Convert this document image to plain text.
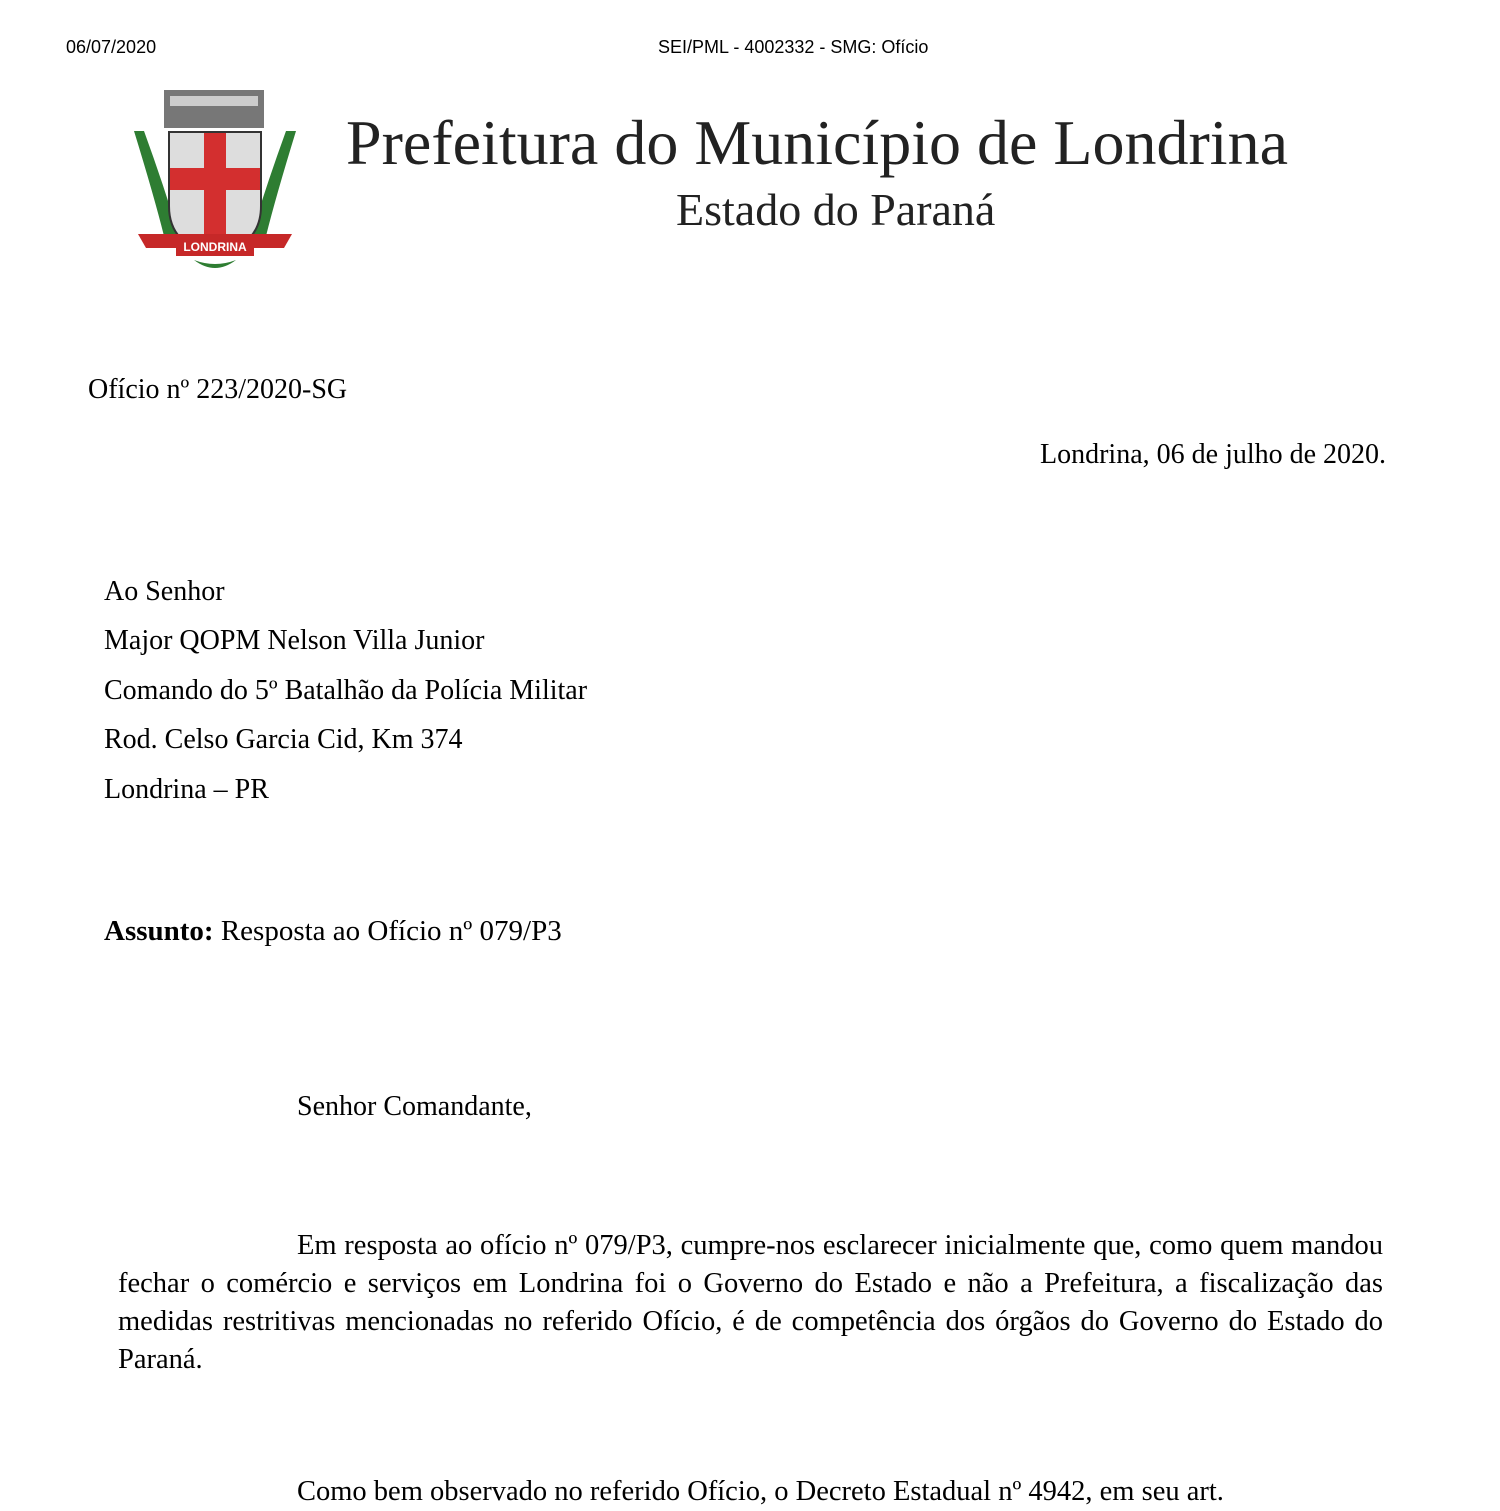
06/07/2020	SEI/PML - 4002332 - SMG: Ofício
LONDRINA
Prefeitura do Município de Londrina
Estado do Paraná
Ofício nº 223/2020-SG
Londrina, 06 de julho de 2020.
Ao Senhor
Major QOPM Nelson Villa Junior
Comando do 5º Batalhão da Polícia Militar
Rod. Celso Garcia Cid, Km 374
Londrina – PR
Assunto: Resposta ao Ofício nº 079/P3
Senhor Comandante,
Em resposta ao ofício nº 079/P3, cumpre-nos esclarecer inicialmente que, como quem mandou fechar o comércio e serviços em Londrina foi o Governo do Estado e não a Prefeitura, a fiscalização das medidas restritivas mencionadas no referido Ofício, é de competência dos órgãos do Governo do Estado do Paraná.
Como bem observado no referido Ofício, o Decreto Estadual nº 4942, em seu art.
